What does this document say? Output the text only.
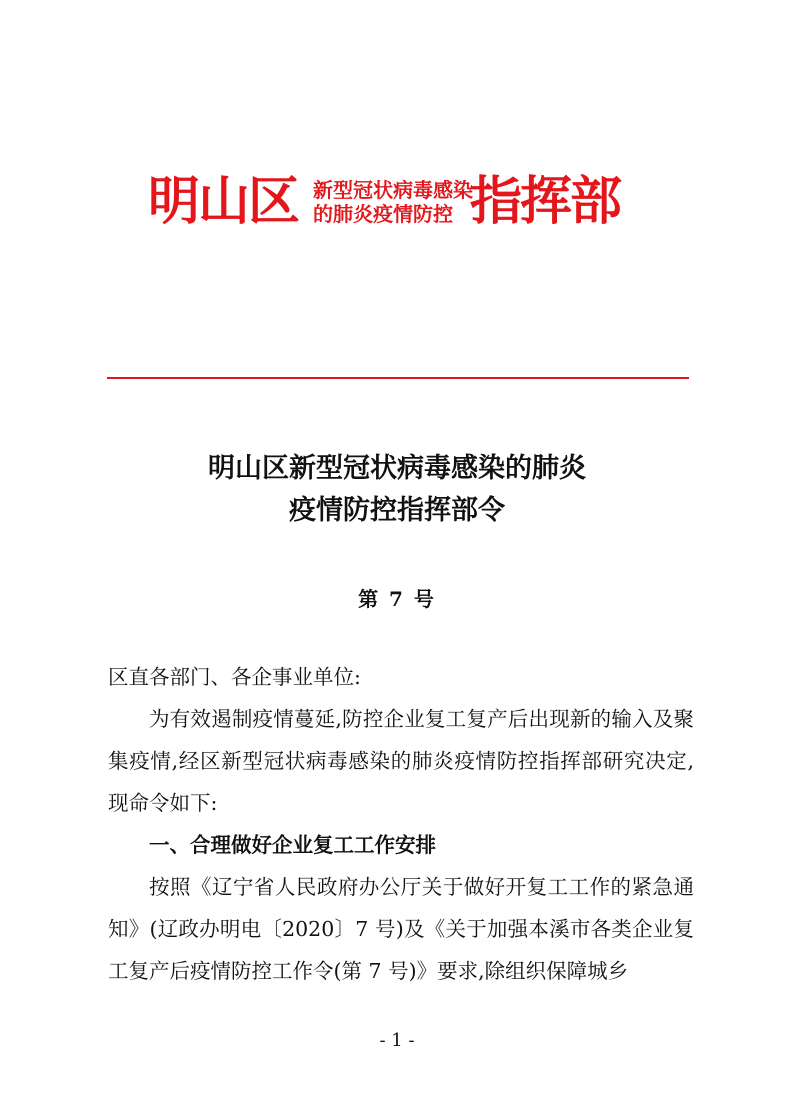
明山区 新型冠状病毒感染
的肺炎疫情防控 指挥部
明山区新型冠状病毒感染的肺炎
疫情防控指挥部令
第 7 号
区直各部门、各企事业单位:
为有效遏制疫情蔓延,防控企业复工复产后出现新的输入及聚集疫情,经区新型冠状病毒感染的肺炎疫情防控指挥部研究决定,现命令如下:
一、合理做好企业复工工作安排
按照《辽宁省人民政府办公厅关于做好开复工工作的紧急通知》(辽政办明电〔2020〕7 号)及《关于加强本溪市各类企业复工复产后疫情防控工作令(第 7 号)》要求,除组织保障城乡
- 1 -
